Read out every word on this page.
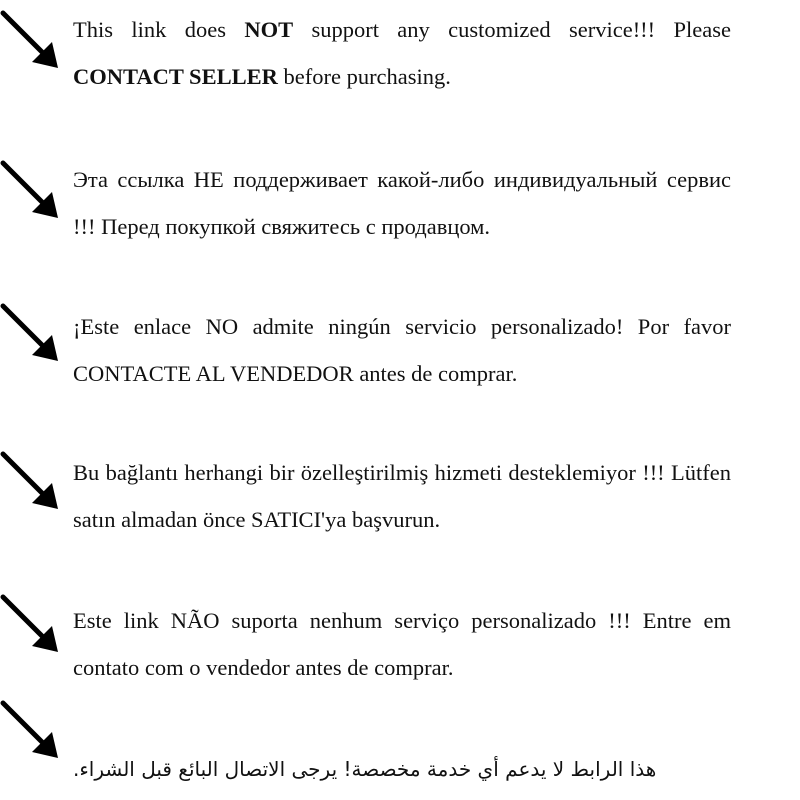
This link does NOT support any customized service!!! Please CONTACT SELLER before purchasing.

Эта ссылка НЕ поддерживает какой-либо индивидуальный сервис !!! Перед покупкой свяжитесь с продавцом.

¡Este enlace NO admite ningún servicio personalizado! Por favor CONTACTE AL VENDEDOR antes de comprar.

Bu bağlantı herhangi bir özelleştirilmiş hizmeti desteklemiyor !!! Lütfen satın almadan önce SATICI'ya başvurun.

Este link NÃO suporta nenhum serviço personalizado !!! Entre em contato com o vendedor antes de comprar.

هذا الرابط لا يدعم أي خدمة مخصصة! يرجى الاتصال البائع قبل الشراء.
